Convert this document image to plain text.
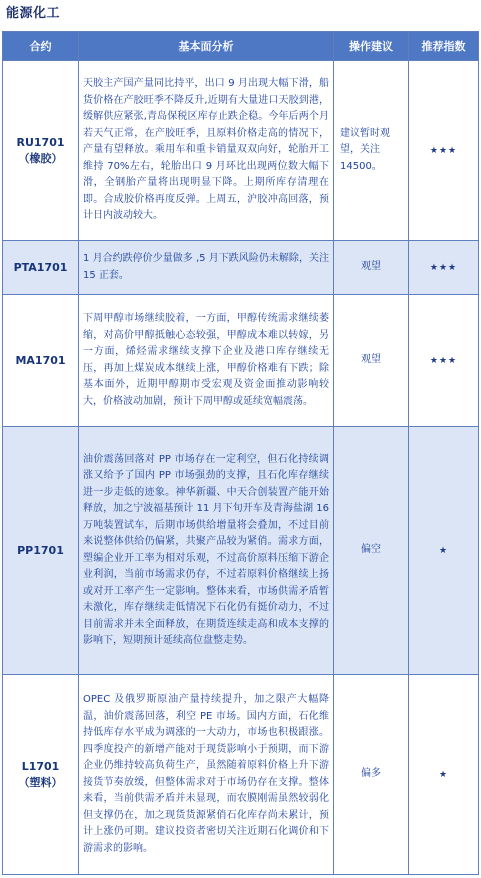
能源化工
合约	基本面分析	操作建议	推荐指数

RU1701
（橡胶）	天胶主产国产量同比持平，出口 9 月出现大幅下滑，船货价格在产胶旺季不降反升,近期有大量进口天胶到港，缓解供应紧张,青岛保税区库存止跌企稳。今年后两个月若天气正常，在产胶旺季，且原料价格走高的情况下，产量有望释放。乘用车和重卡销量双双向好，轮胎开工维持 70%左右，轮胎出口 9 月环比出现两位数大幅下滑，全钢胎产量将出现明显下降。上期所库存清理在即。合成胶价格再度反弹。上周五，沪胶冲高回落，预计日内波动较大。	建议暂时观望，关注 14500。	★★★

PTA1701	1 月合约跌停价少量做多 ,5 月下跌风险仍未解除，关注 15 正套。	观望	★★★

MA1701	下周甲醇市场继续胶着，一方面，甲醇传统需求继续萎缩，对高价甲醇抵触心态较强，甲醇成本难以转嫁，另一方面，烯烃需求继续支撑下企业及港口库存继续无压，再加上煤炭成本继续上涨，甲醇价格难有下跌；除基本面外，近期甲醇期市受宏观及资金面推动影响较大，价格波动加剧，预计下周甲醇或延续宽幅震荡。	观望	★★★

PP1701	油价震荡回落对 PP 市场存在一定利空，但石化持续调涨又给予了国内 PP 市场强劲的支撑，且石化库存继续进一步走低的迹象。神华新疆、中天合创装置产能开始释放，加之宁波福基预计 11 月下旬开车及青海盐湖 16 万吨装置试车，后期市场供给增量将会叠加，不过目前来说整体供给仍偏紧，共聚产品较为紧俏。需求方面，塑编企业开工率为相对乐观，不过高价原料压缩下游企业利润，当前市场需求仍存，不过若原料价格继续上扬或对开工率产生一定影响。整体来看，市场供需矛盾暂未激化，库存继续走低情况下石化仍有挺价动力，不过目前需求并未全面释放，在期货连续走高和成本支撑的影响下，短期预计延续高位盘整走势。	偏空	★

L1701
（塑料）	OPEC 及俄罗斯原油产量持续提升，加之限产大幅降温，油价震荡回落，利空 PE 市场。国内方面，石化维持低库存水平成为调涨的一大动力，市场也积极跟涨。四季度投产的新增产能对于现货影响小于预期，而下游企业仍维持较高负荷生产，虽然随着原料价格上升下游接货节奏放缓，但整体需求对于市场仍存在支撑。整体来看，当前供需矛盾并未显现，而农膜刚需虽然较弱化但支撑仍在，加之现货货源紧俏石化库存尚未累计，预计上涨仍可期。建议投资者密切关注近期石化调价和下游需求的影响。	偏多	★
